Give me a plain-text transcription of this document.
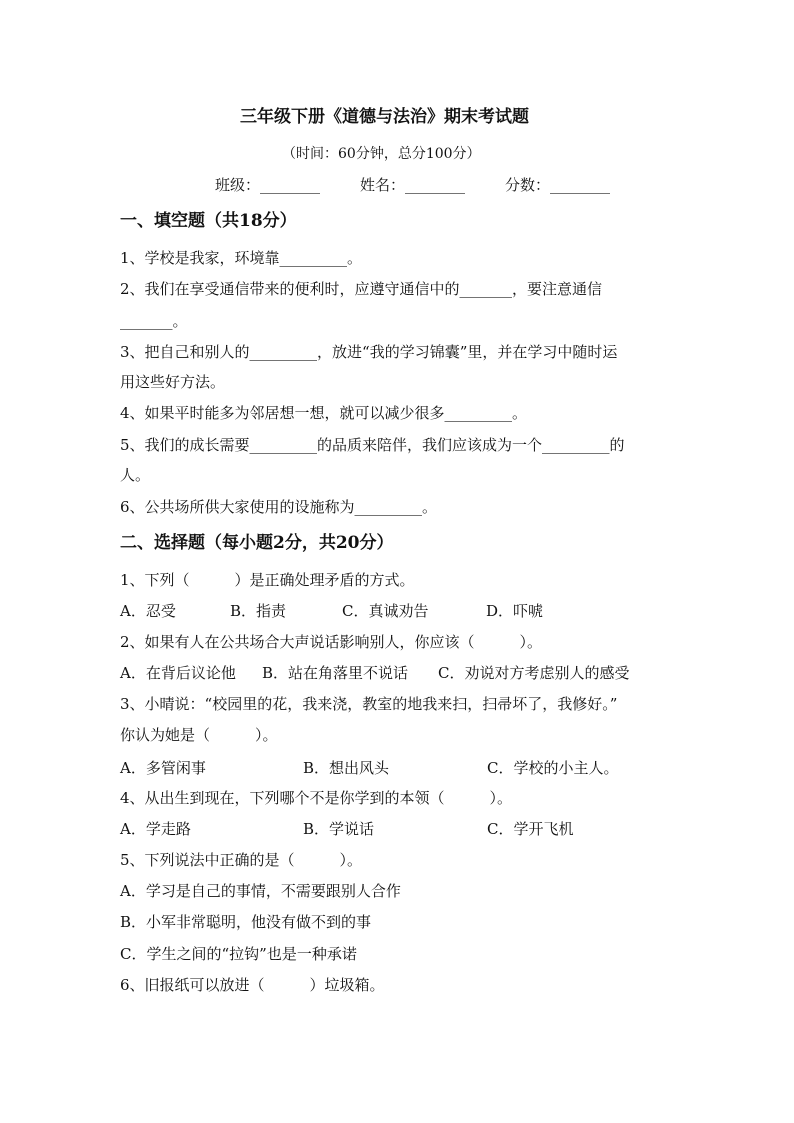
三年级下册《道德与法治》期末考试题
（时间：60分钟，总分100分）
班级：________	姓名：________	分数：________
一、填空题（共18分）
1、学校是我家，环境靠_________。
2、我们在享受通信带来的便利时，应遵守通信中的_______，要注意通信
_______。
3、把自己和别人的_________，放进“我的学习锦囊”里，并在学习中随时运
用这些好方法。
4、如果平时能多为邻居想一想，就可以减少很多_________。
5、我们的成长需要_________的品质来陪伴，我们应该成为一个_________的
人。
6、公共场所供大家使用的设施称为_________。
二、选择题（每小题2分，共20分）
1、下列（　　　）是正确处理矛盾的方式。
A．忍受	B．指责	C．真诚劝告	D．吓唬
2、如果有人在公共场合大声说话影响别人，你应该（　　　）。
A．在背后议论他 B．站在角落里不说话 C．劝说对方考虑别人的感受
3、小晴说：“校园里的花，我来浇，教室的地我来扫，扫帚坏了，我修好。”
你认为她是（　　　）。
A．多管闲事	B．想出风头	C．学校的小主人。
4、从出生到现在，下列哪个不是你学到的本领（　　　）。
A．学走路	B．学说话	C．学开飞机
5、下列说法中正确的是（　　　）。
A．学习是自己的事情，不需要跟别人合作
B．小军非常聪明，他没有做不到的事
C．学生之间的“拉钩”也是一种承诺
6、旧报纸可以放进（　　　）垃圾箱。
